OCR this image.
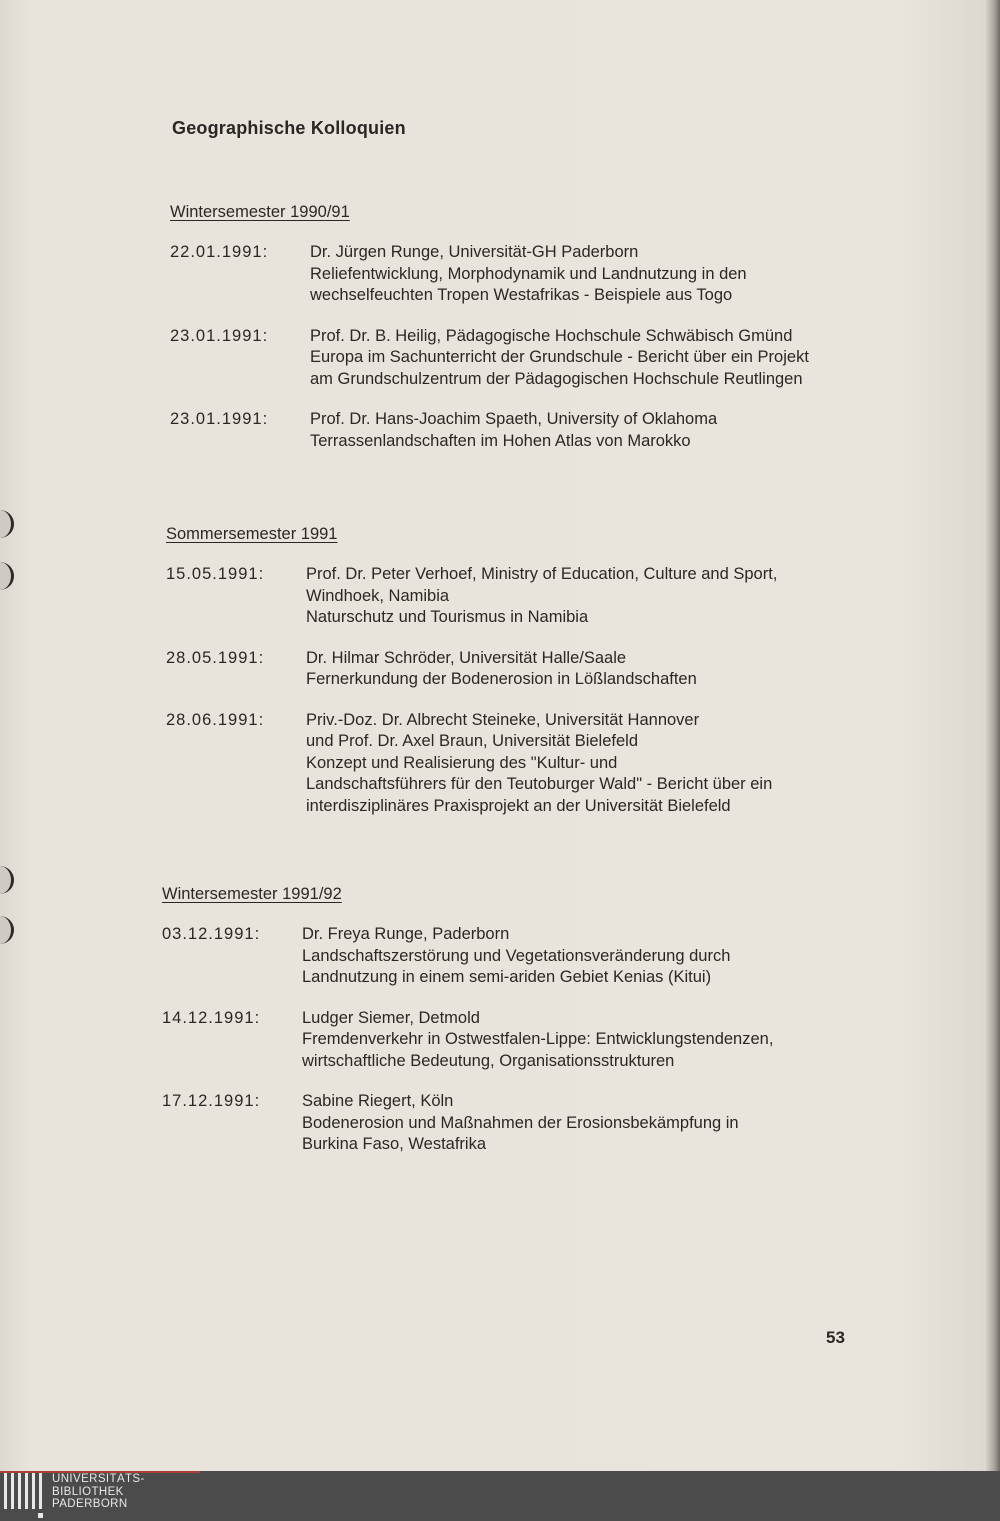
Geographische Kolloquien
Wintersemester 1990/91
22.01.1991:	Dr. Jürgen Runge, Universität-GH Paderborn
Reliefentwicklung, Morphodynamik und Landnutzung in den
wechselfeuchten Tropen Westafrikas - Beispiele aus Togo
23.01.1991:	Prof. Dr. B. Heilig, Pädagogische Hochschule Schwäbisch Gmünd
Europa im Sachunterricht der Grundschule - Bericht über ein Projekt
am Grundschulzentrum der Pädagogischen Hochschule Reutlingen
23.01.1991:	Prof. Dr. Hans-Joachim Spaeth, University of Oklahoma
Terrassenlandschaften im Hohen Atlas von Marokko
Sommersemester 1991
15.05.1991:	Prof. Dr. Peter Verhoef, Ministry of Education, Culture and Sport,
Windhoek, Namibia
Naturschutz und Tourismus in Namibia
28.05.1991:	Dr. Hilmar Schröder, Universität Halle/Saale
Fernerkundung der Bodenerosion in Lößlandschaften
28.06.1991:	Priv.-Doz. Dr. Albrecht Steineke, Universität Hannover
und Prof. Dr. Axel Braun, Universität Bielefeld
Konzept und Realisierung des "Kultur- und
Landschaftsführers für den Teutoburger Wald" - Bericht über ein
interdisziplinäres Praxisprojekt an der Universität Bielefeld
Wintersemester 1991/92
03.12.1991:	Dr. Freya Runge, Paderborn
Landschaftszerstörung und Vegetationsveränderung durch
Landnutzung in einem semi-ariden Gebiet Kenias (Kitui)
14.12.1991:	Ludger Siemer, Detmold
Fremdenverkehr in Ostwestfalen-Lippe: Entwicklungstendenzen,
wirtschaftliche Bedeutung, Organisationsstrukturen
17.12.1991:	Sabine Riegert, Köln
Bodenerosion und Maßnahmen der Erosionsbekämpfung in
Burkina Faso, Westafrika
53
UNIVERSITÄTS-
BIBLIOTHEK
PADERBORN
